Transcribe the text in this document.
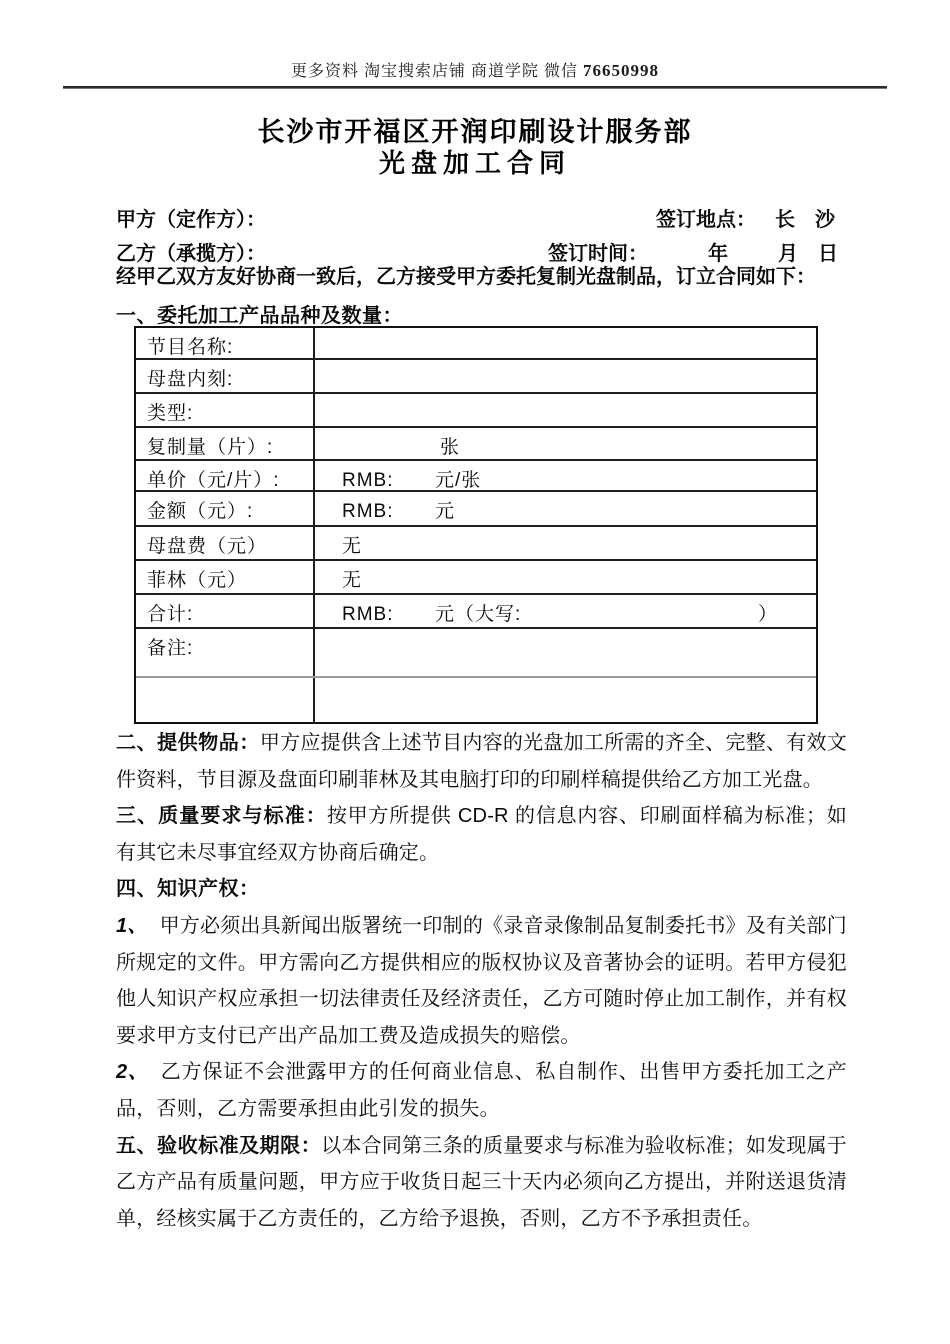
更多资料 淘宝搜索店铺 商道学院 微信 76650998
长沙市开福区开润印刷设计服务部
光盘加工合同
甲方（定作方）：	签订地点： 长　沙
乙方（承揽方）：	签订时间：	年	月 日
经甲乙双方友好协商一致后，乙方接受甲方委托复制光盘制品，订立合同如下：
一、委托加工产品品种及数量：
节目名称:
母盘内刻:
类型:
复制量（片）:	张
单价（元/片）:	RMB: 元/张
金额（元）:	RMB: 元
母盘费（元）	无
菲林（元）	无
合计:	RMB: 元（大写:	）
备注:

二、提供物品：甲方应提供含上述节目内容的光盘加工所需的齐全、完整、有效文件资料，节目源及盘面印刷菲林及其电脑打印的印刷样稿提供给乙方加工光盘。

三、质量要求与标准：按甲方所提供 CD-R 的信息内容、印刷面样稿为标准；如有其它未尽事宜经双方协商后确定。

四、知识产权：

1、 甲方必须出具新闻出版署统一印制的《录音录像制品复制委托书》及有关部门所规定的文件。甲方需向乙方提供相应的版权协议及音著协会的证明。若甲方侵犯他人知识产权应承担一切法律责任及经济责任，乙方可随时停止加工制作，并有权要求甲方支付已产出产品加工费及造成损失的赔偿。

2、 乙方保证不会泄露甲方的任何商业信息、私自制作、出售甲方委托加工之产品，否则，乙方需要承担由此引发的损失。

五、验收标准及期限：以本合同第三条的质量要求与标准为验收标准；如发现属于乙方产品有质量问题，甲方应于收货日起三十天内必须向乙方提出，并附送退货清单，经核实属于乙方责任的，乙方给予退换，否则，乙方不予承担责任。
